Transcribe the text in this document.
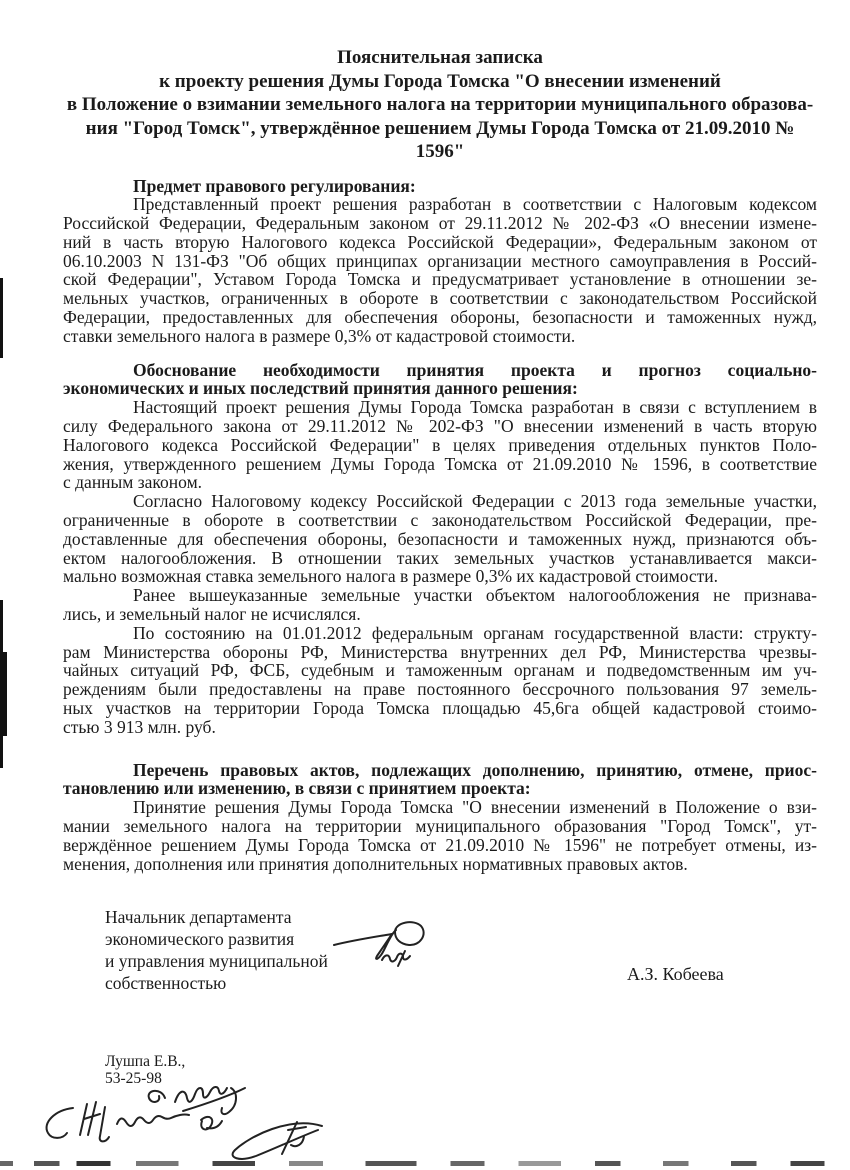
Пояснительная записка
к проекту решения Думы Города Томска "О внесении изменений
в Положение о взимании земельного налога на территории муниципального образова-
ния "Город Томск", утверждённое решением Думы Города Томска от 21.09.2010 № 1596"
Предмет правового регулирования:
Представленный проект решения разработан в соответствии с Налоговым кодексом
Российской Федерации, Федеральным законом от 29.11.2012 № 202-ФЗ «О внесении измене-
ний в часть вторую Налогового кодекса Российской Федерации», Федеральным законом от
06.10.2003 N 131-ФЗ "Об общих принципах организации местного самоуправления в Россий-
ской Федерации", Уставом Города Томска и предусматривает установление в отношении зе-
мельных участков, ограниченных в обороте в соответствии с законодательством Российской
Федерации, предоставленных для обеспечения обороны, безопасности и таможенных нужд,
ставки земельного налога в размере 0,3% от кадастровой стоимости.
Обоснование необходимости принятия проекта и прогноз социально-
экономических и иных последствий принятия данного решения:
Настоящий проект решения Думы Города Томска разработан в связи с вступлением в
силу Федерального закона от 29.11.2012 № 202-ФЗ "О внесении изменений в часть вторую
Налогового кодекса Российской Федерации" в целях приведения отдельных пунктов Поло-
жения, утвержденного решением Думы Города Томска от 21.09.2010 № 1596, в соответствие
с данным законом.
Согласно Налоговому кодексу Российской Федерации с 2013 года земельные участки,
ограниченные в обороте в соответствии с законодательством Российской Федерации, пре-
доставленные для обеспечения обороны, безопасности и таможенных нужд, признаются объ-
ектом налогообложения. В отношении таких земельных участков устанавливается макси-
мально возможная ставка земельного налога в размере 0,3% их кадастровой стоимости.
Ранее вышеуказанные земельные участки объектом налогообложения не признава-
лись, и земельный налог не исчислялся.
По состоянию на 01.01.2012 федеральным органам государственной власти: структу-
рам Министерства обороны РФ, Министерства внутренних дел РФ, Министерства чрезвы-
чайных ситуаций РФ, ФСБ, судебным и таможенным органам и подведомственным им уч-
реждениям были предоставлены на праве постоянного бессрочного пользования 97 земель-
ных участков на территории Города Томска площадью 45,6га общей кадастровой стоимо-
стью 3 913 млн. руб.
Перечень правовых актов, подлежащих дополнению, принятию, отмене, приос-
тановлению или изменению, в связи с принятием проекта:
Принятие решения Думы Города Томска "О внесении изменений в Положение о взи-
мании земельного налога на территории муниципального образования "Город Томск", ут-
верждённое решением Думы Города Томска от 21.09.2010 № 1596" не потребует отмены, из-
менения, дополнения или принятия дополнительных нормативных правовых актов.
Начальник департамента
экономического развития
и управления муниципальной
собственностью	А.З. Кобеева
Лушпа Е.В.,
53-25-98
